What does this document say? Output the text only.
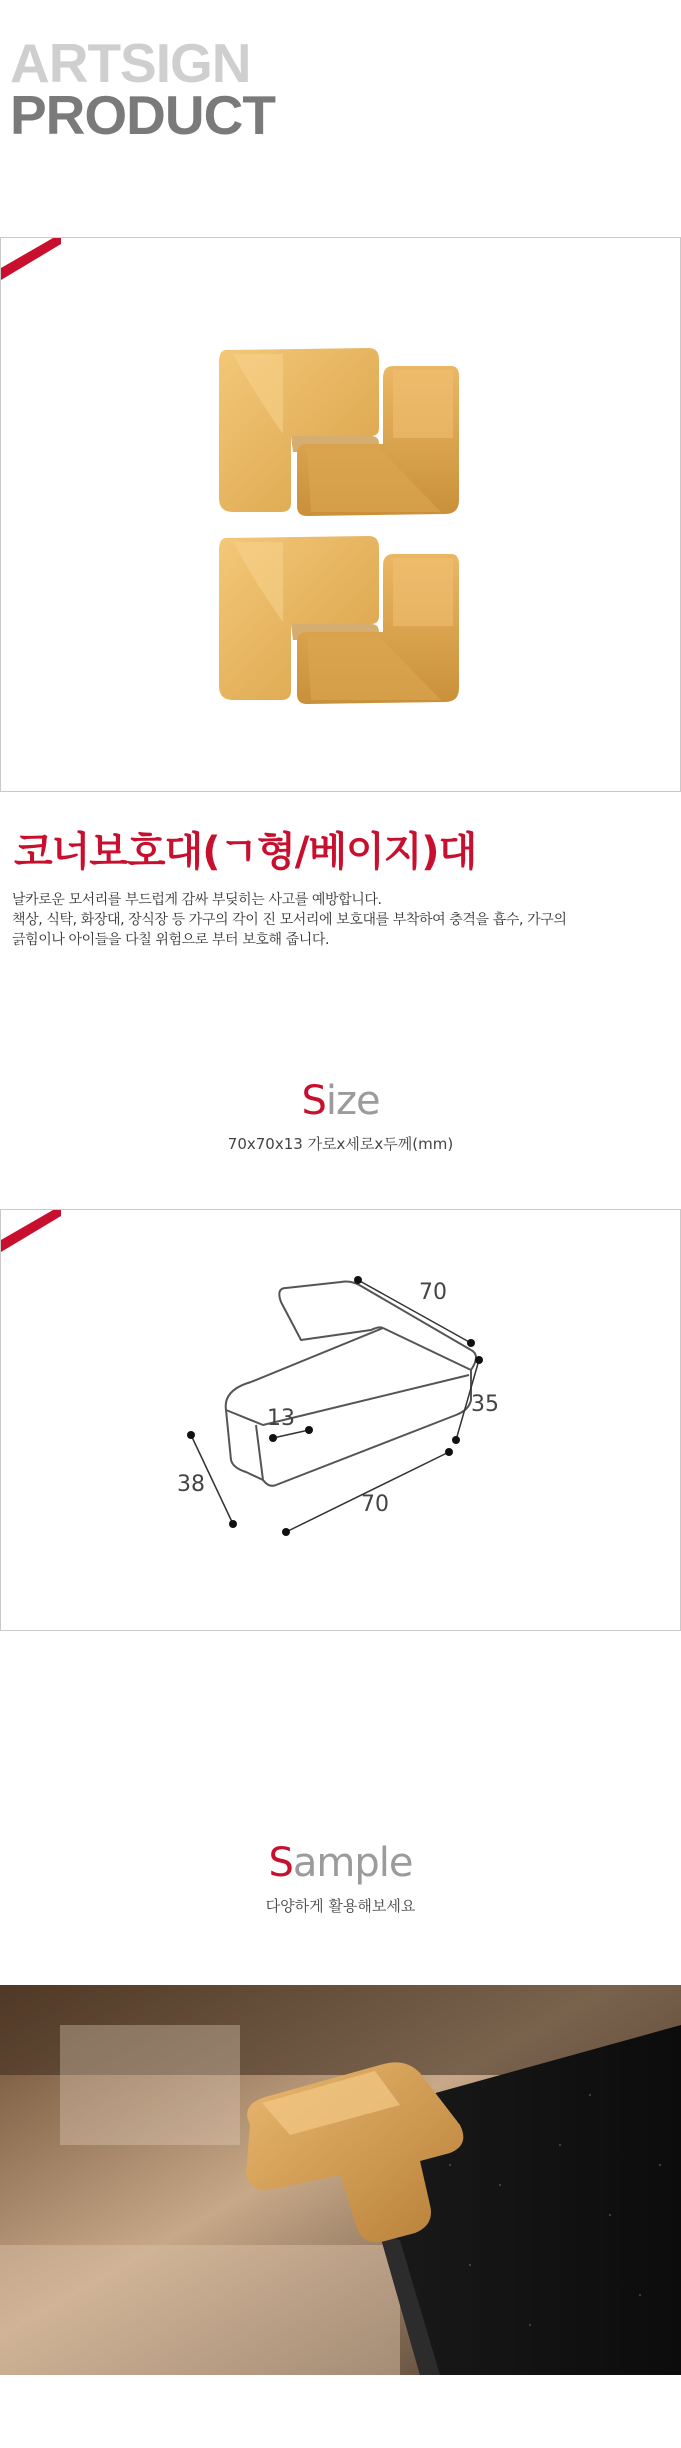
ARTSIGN
PRODUCT
코너보호대(ㄱ형/베이지)대
날카로운 모서리를 부드럽게 감싸 부딪히는 사고를 예방합니다.
책상, 식탁, 화장대, 장식장 등 가구의 각이 진 모서리에 보호대를 부착하여 충격을 흡수, 가구의
긁힘이나 아이들을 다칠 위험으로 부터 보호해 줍니다.
Size
70x70x13 가로x세로x두께(mm)
70
35
13
38
70
Sample
다양하게 활용해보세요
